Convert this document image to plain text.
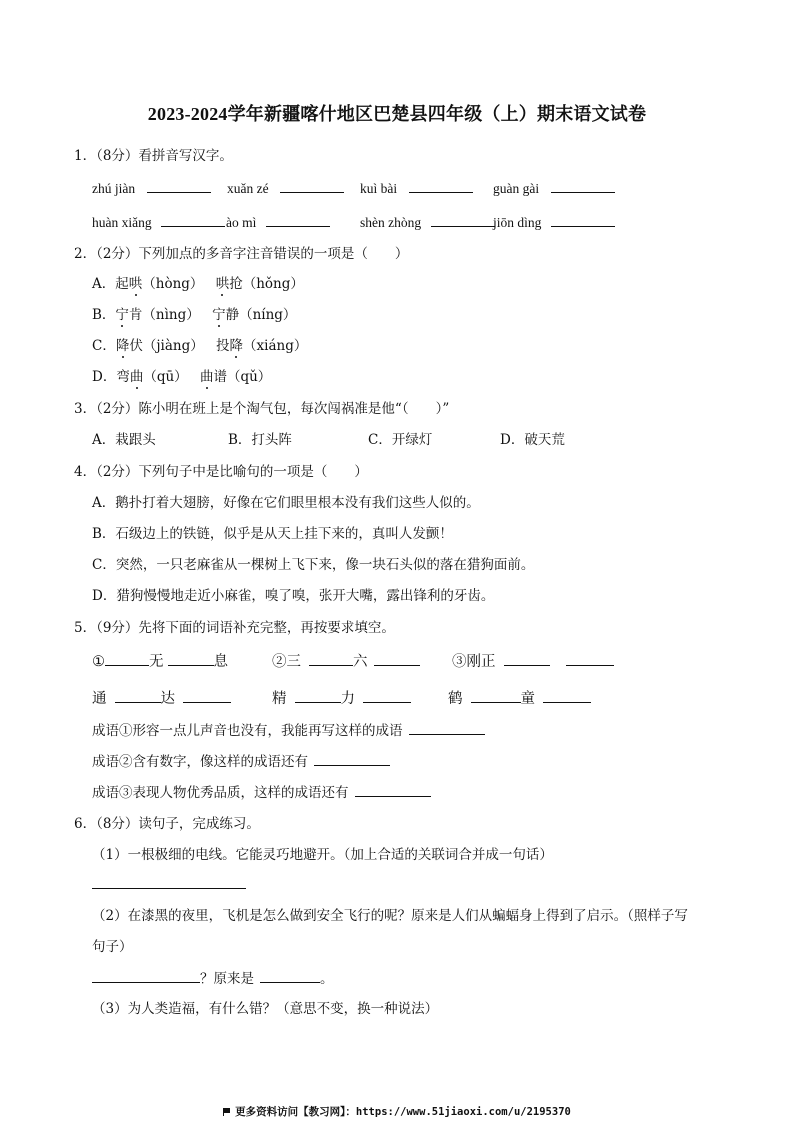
2023-2024学年新疆喀什地区巴楚县四年级（上）期末语文试卷
1．（8分）看拼音写汉字。
zhú jiàn	xuǎn zé	kuì bài	guàn gài
huàn xiǎng	ào mì	shèn zhòng	jiōn dìng
2．（2分）下列加点的多音字注音错误的一项是（　　）
A．起哄（hòng） 哄抢（hǒng）
B．宁肯（nìng） 宁静（níng）
C．降伏（jiàng） 投降（xiáng）
D．弯曲（qū） 曲谱（qǔ）
3．（2分）陈小明在班上是个淘气包，每次闯祸准是他“（　　）”
A．栽跟头	B．打头阵	C．开绿灯	D．破天荒
4．（2分）下列句子中是比喻句的一项是（　　）
A．鹅扑打着大翅膀，好像在它们眼里根本没有我们这些人似的。
B．石级边上的铁链，似乎是从天上挂下来的，真叫人发颤！
C．突然，一只老麻雀从一棵树上飞下来，像一块石头似的落在猎狗面前。
D．猎狗慢慢地走近小麻雀，嗅了嗅，张开大嘴，露出锋利的牙齿。
5．（9分）先将下面的词语补充完整，再按要求填空。
①	无	息	②三	六	③刚正
通	达	精	力	鹤	童
成语①形容一点儿声音也没有，我能再写这样的成语
成语②含有数字，像这样的成语还有
成语③表现人物优秀品质，这样的成语还有
6．（8分）读句子，完成练习。
（1）一根极细的电线。它能灵巧地避开。（加上合适的关联词合并成一句话）
（2）在漆黑的夜里，飞机是怎么做到安全飞行的呢？原来是人们从蝙蝠身上得到了启示。（照样子写
句子）
？原来是	。
（3）为人类造福，有什么错？（意思不变，换一种说法）
更多资料访问【教习网】：https://www.51jiaoxi.com/u/2195370
